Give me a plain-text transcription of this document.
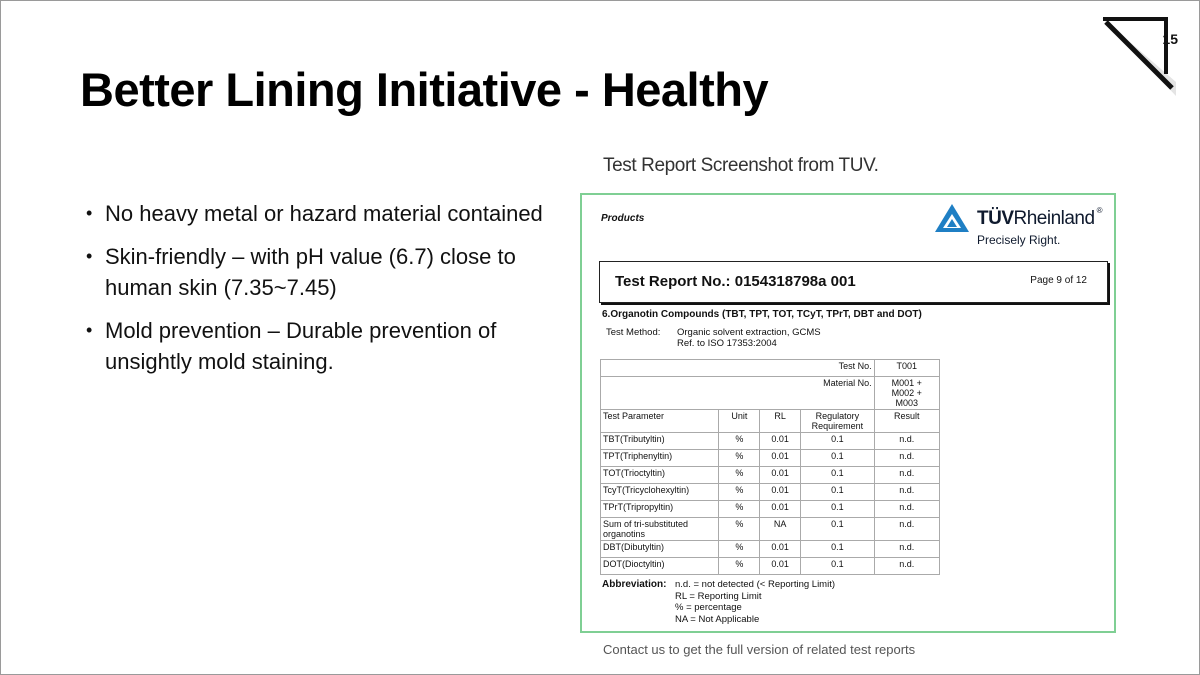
15
Better Lining Initiative - Healthy
• No heavy metal or hazard material contained
• Skin-friendly – with pH value (6.7) close to human skin (7.35~7.45)
• Mold prevention – Durable prevention of unsightly mold staining.
Test Report Screenshot from TUV.
Products	TÜVRheinland ®
Precisely Right.
Test Report No.: 0154318798a 001	Page 9 of 12
6.Organotin Compounds (TBT, TPT, TOT, TCyT, TPrT, DBT and DOT)
Test Method: Organic solvent extraction, GCMS
Ref. to ISO 17353:2004
Test No.				T001
Material No.				M001 +
M002 +
M003

Test Parameter	Unit	RL	Regulatory Requirement	Result
TBT(Tributyltin)	%	0.01	0.1	n.d.
TPT(Triphenyltin)	%	0.01	0.1	n.d.
TOT(Trioctyltin)	%	0.01	0.1	n.d.
TcyT(Tricyclohexyltin)	%	0.01	0.1	n.d.
TPrT(Tripropyltin)	%	0.01	0.1	n.d.
Sum of tri-substituted organotins	%	NA	0.1	n.d.
DBT(Dibutyltin)	%	0.01	0.1	n.d.
DOT(Dioctyltin)	%	0.01	0.1	n.d.
Abbreviation: n.d. = not detected (< Reporting Limit)
RL = Reporting Limit
% = percentage
NA = Not Applicable
Contact us to get the full version of related test reports
